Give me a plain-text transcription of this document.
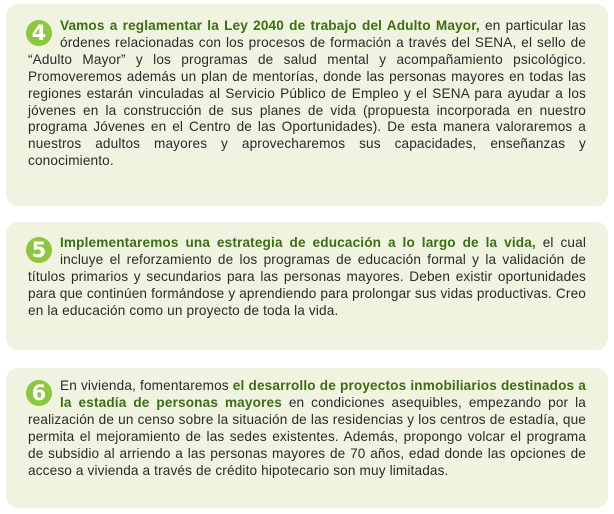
4	Vamos a reglamentar la Ley 2040 de trabajo del Adulto Mayor, en particular las órdenes relacionadas con los procesos de formación a través del SENA, el sello de “Adulto Mayor” y los programas de salud mental y acompañamiento psicológico. Promoveremos además un plan de mentorías, donde las personas mayores en todas las regiones estarán vinculadas al Servicio Público de Empleo y el SENA para ayudar a los jóvenes en la construcción de sus planes de vida (propuesta incorporada en nuestro programa Jóvenes en el Centro de las Oportunidades). De esta manera valoraremos a nuestros adultos mayores y aprovecharemos sus capacidades, enseñanzas y conocimiento.
5	Implementaremos una estrategia de educación a lo largo de la vida, el cual incluye el reforzamiento de los programas de educación formal y la validación de títulos primarios y secundarios para las personas mayores. Deben existir oportunidades para que continúen formándose y aprendiendo para prolongar sus vidas productivas. Creo en la educación como un proyecto de toda la vida.
6	En vivienda, fomentaremos el desarrollo de proyectos inmobiliarios destinados a la estadía de personas mayores en condiciones asequibles, empezando por la realización de un censo sobre la situación de las residencias y los centros de estadía, que permita el mejoramiento de las sedes existentes. Además, propongo volcar el programa de subsidio al arriendo a las personas mayores de 70 años, edad donde las opciones de acceso a vivienda a través de crédito hipotecario son muy limitadas.
